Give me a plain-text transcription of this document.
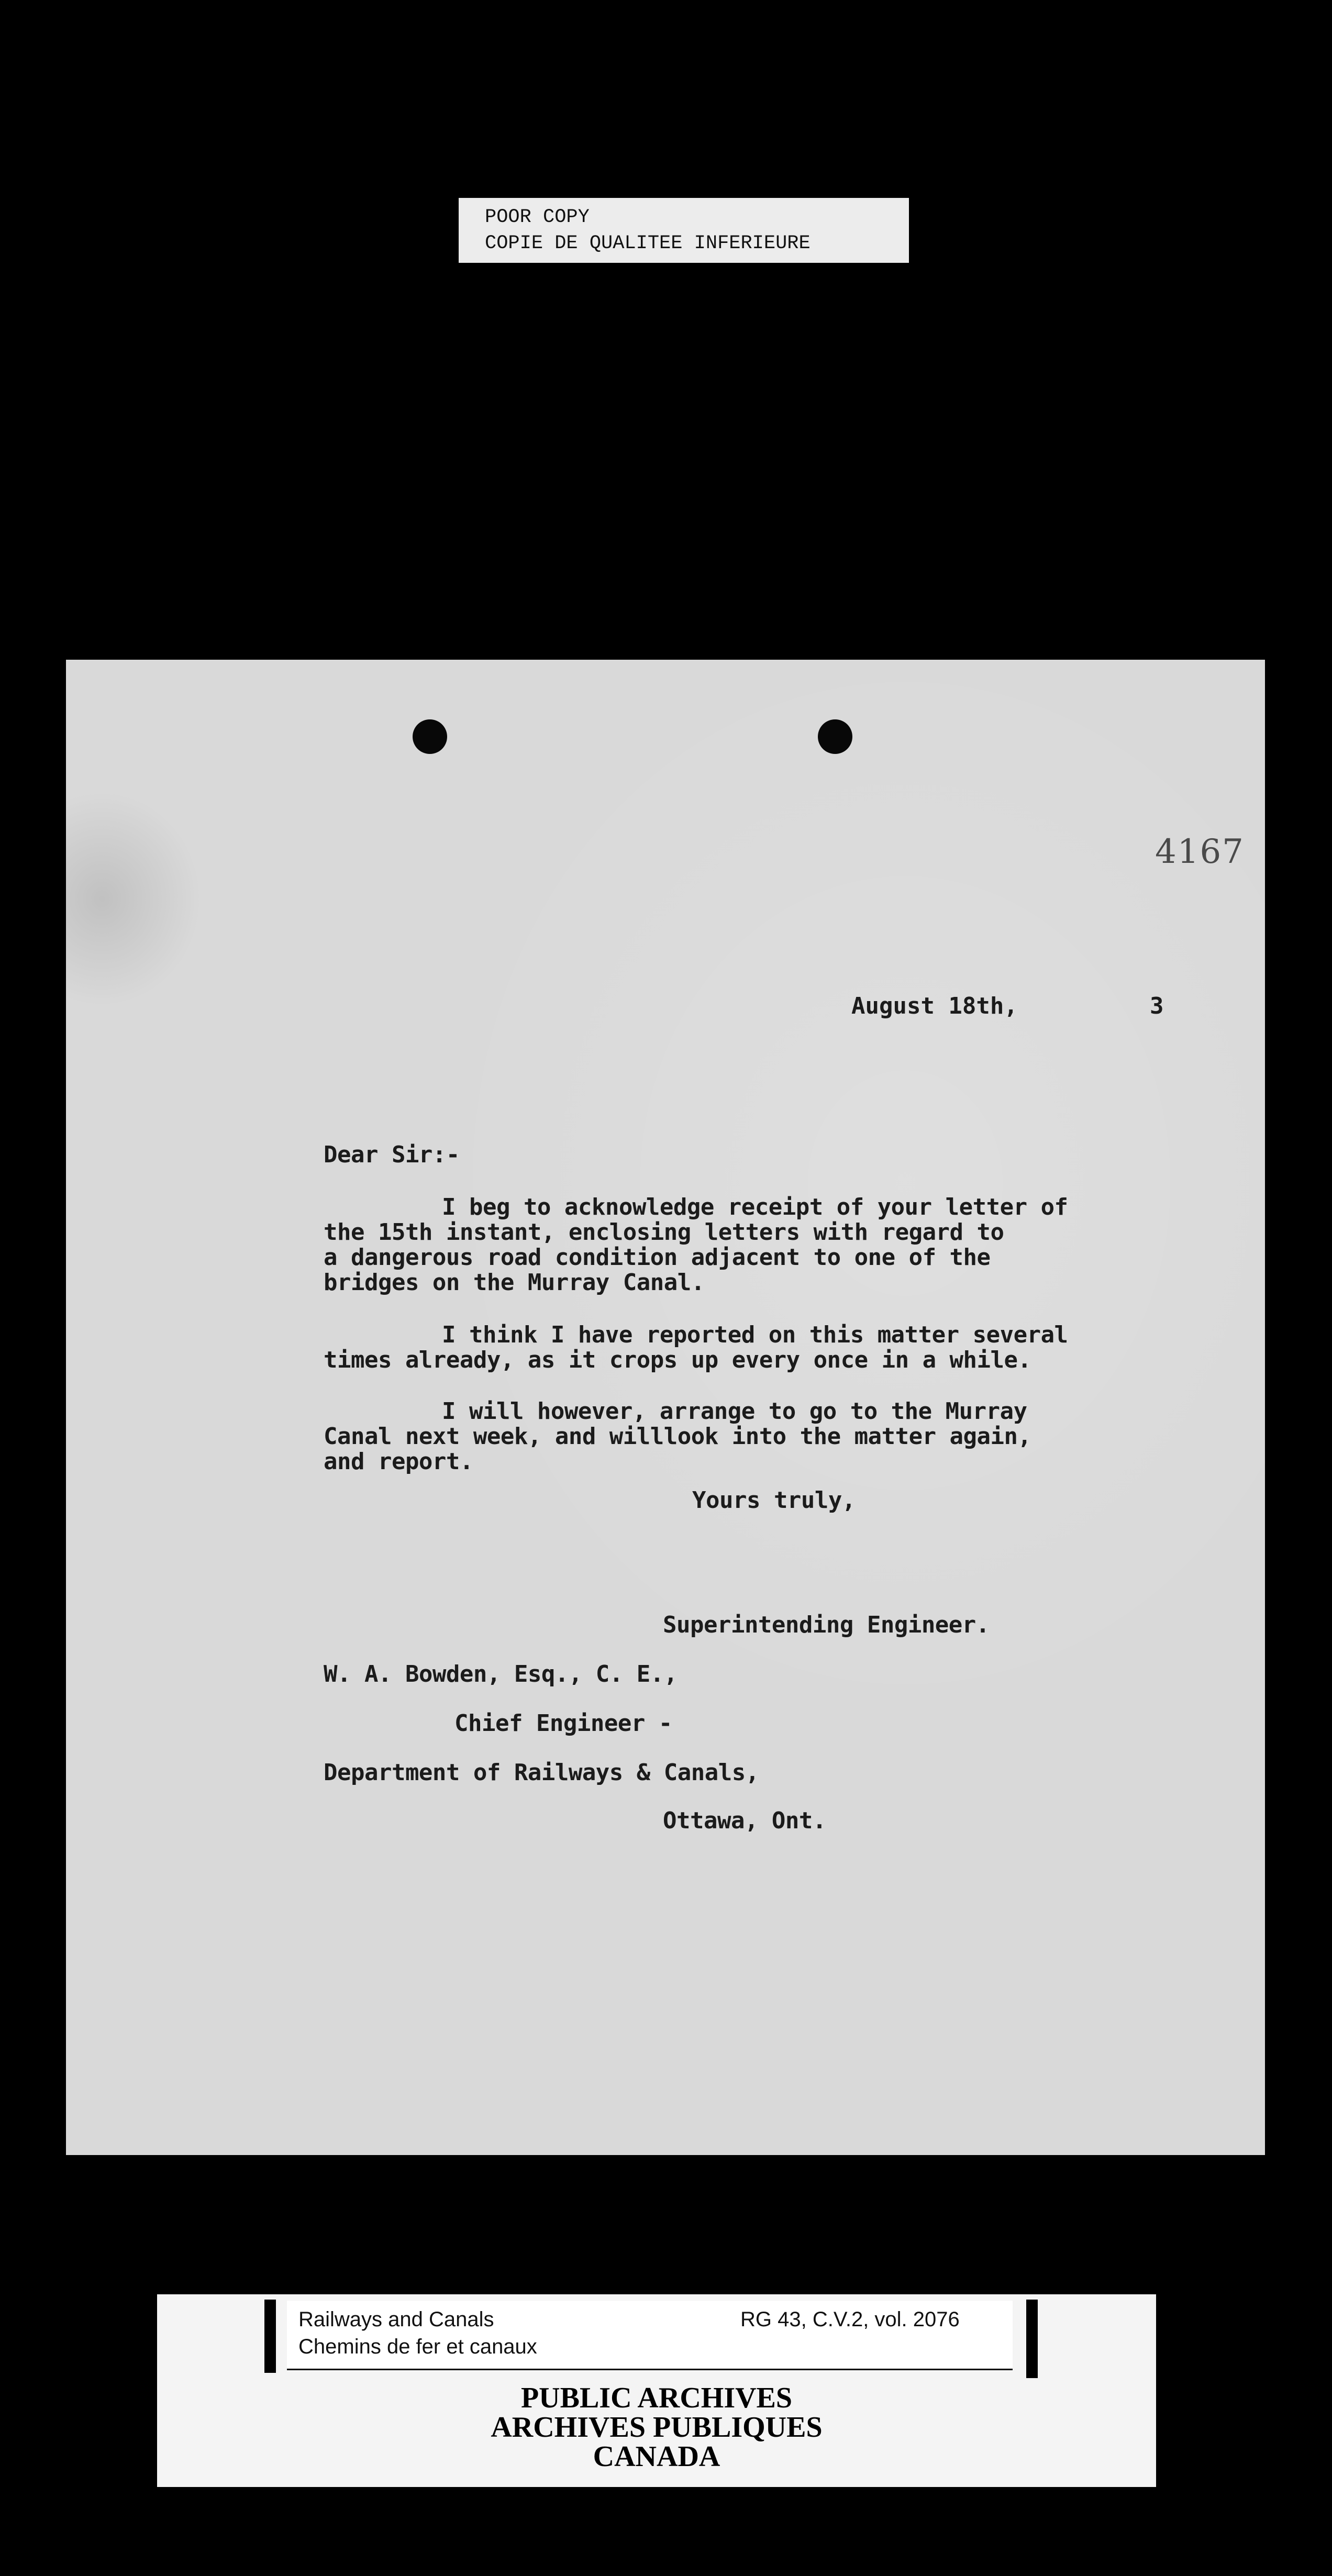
POOR COPY
COPIE DE QUALITEE INFERIEURE
4167
August 18th,	3
Dear Sir:-
I beg to acknowledge receipt of your letter of
the 15th instant, enclosing letters with regard to
a dangerous road condition adjacent to one of the
bridges on the Murray Canal.
I think I have reported on this matter several
times already, as it crops up every once in a while.
I will however, arrange to go to the Murray
Canal next week, and willlook into the matter again,
and report.
Yours truly,
Superintending Engineer.
W. A. Bowden, Esq., C. E.,
Chief Engineer -
Department of Railways & Canals,
Ottawa, Ont.
Railways and Canals
Chemins de fer et canaux
RG 43, C.V.2, vol. 2076
PUBLIC ARCHIVES
ARCHIVES PUBLIQUES
CANADA
